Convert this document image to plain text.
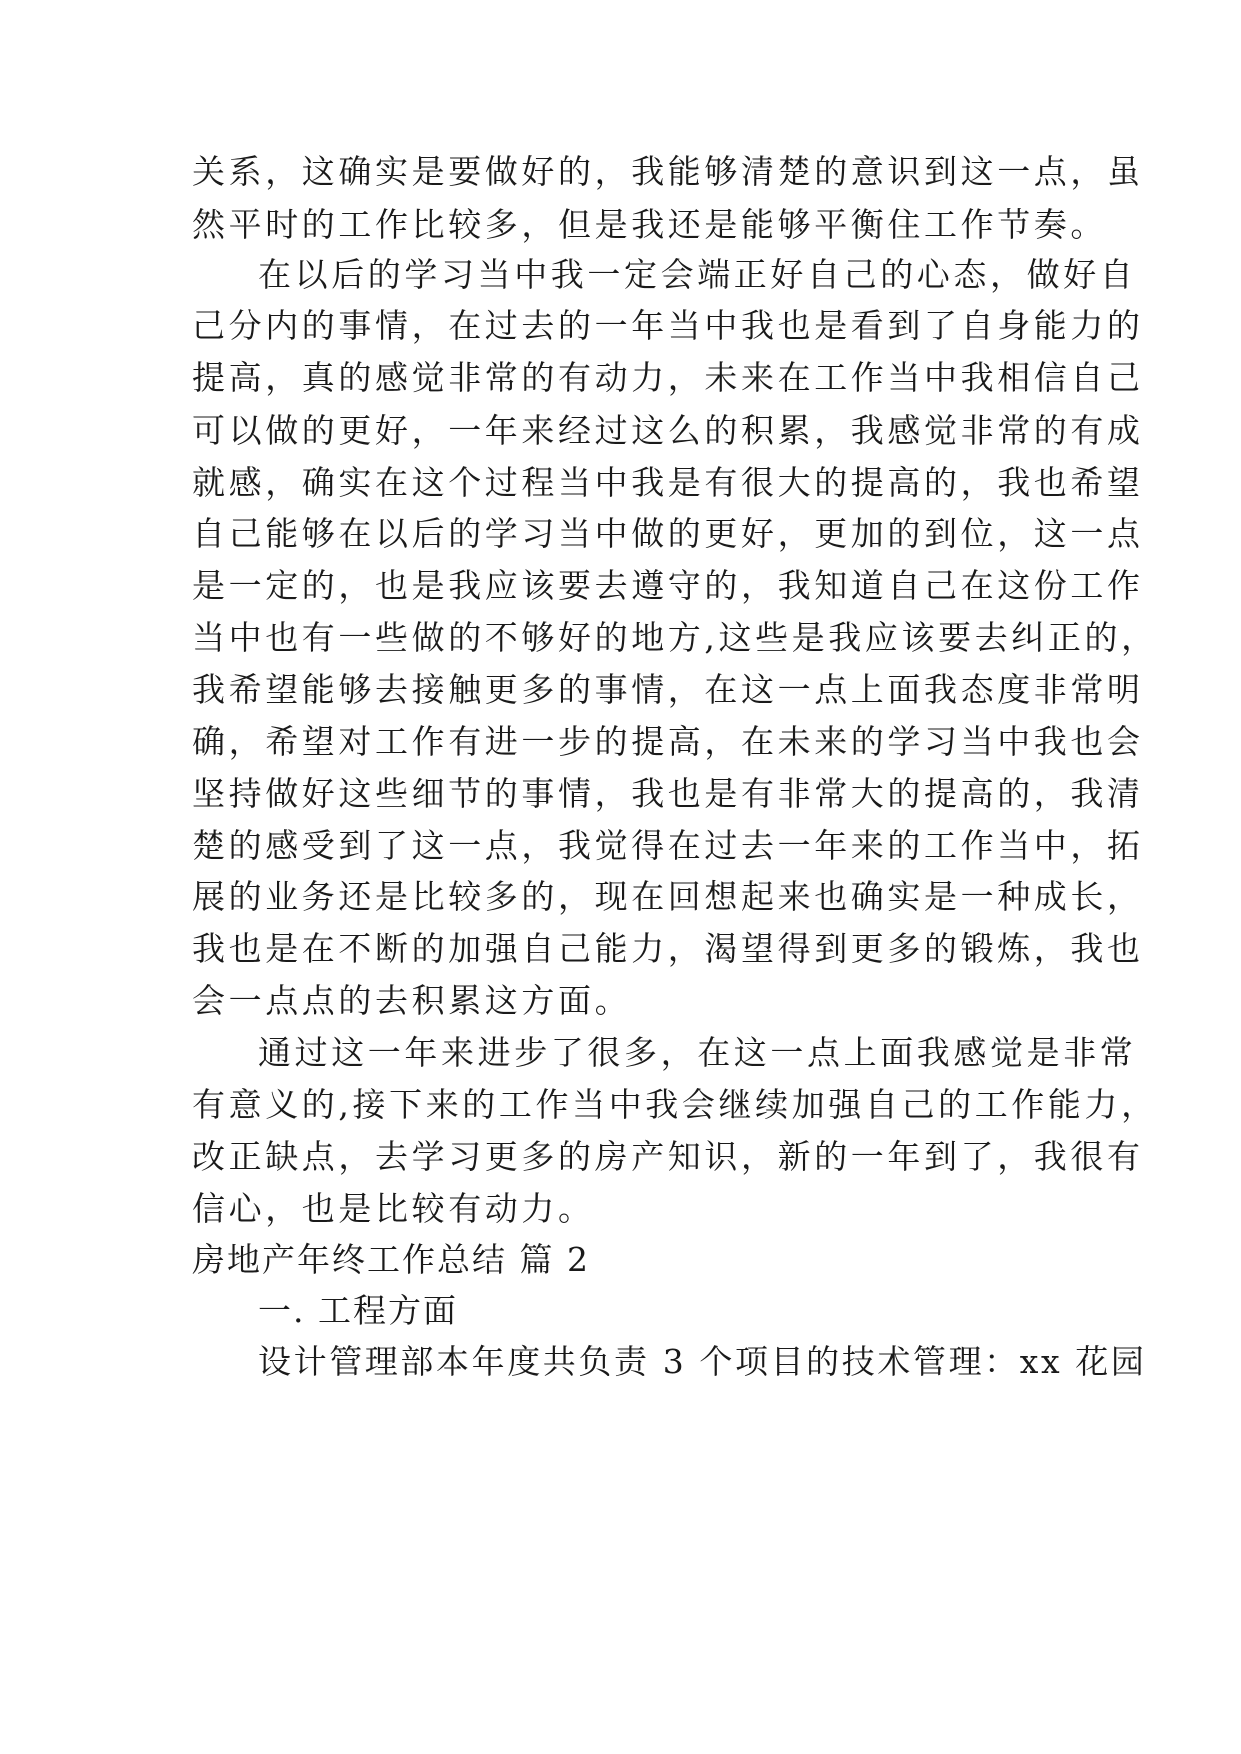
关系，这确实是要做好的，我能够清楚的意识到这一点，虽
然平时的工作比较多，但是我还是能够平衡住工作节奏。
在以后的学习当中我一定会端正好自己的心态，做好自
己分内的事情，在过去的一年当中我也是看到了自身能力的
提高，真的感觉非常的有动力，未来在工作当中我相信自己
可以做的更好，一年来经过这么的积累，我感觉非常的有成
就感，确实在这个过程当中我是有很大的提高的，我也希望
自己能够在以后的学习当中做的更好，更加的到位，这一点
是一定的，也是我应该要去遵守的，我知道自己在这份工作
当中也有一些做的不够好的地方,这些是我应该要去纠正的，
我希望能够去接触更多的事情，在这一点上面我态度非常明
确，希望对工作有进一步的提高，在未来的学习当中我也会
坚持做好这些细节的事情，我也是有非常大的提高的，我清
楚的感受到了这一点，我觉得在过去一年来的工作当中，拓
展的业务还是比较多的，现在回想起来也确实是一种成长，
我也是在不断的加强自己能力，渴望得到更多的锻炼，我也
会一点点的去积累这方面。
通过这一年来进步了很多，在这一点上面我感觉是非常
有意义的,接下来的工作当中我会继续加强自己的工作能力，
改正缺点，去学习更多的房产知识，新的一年到了，我很有
信心，也是比较有动力。
房地产年终工作总结 篇 2
一. 工程方面
设计管理部本年度共负责 3 个项目的技术管理：xx 花园
